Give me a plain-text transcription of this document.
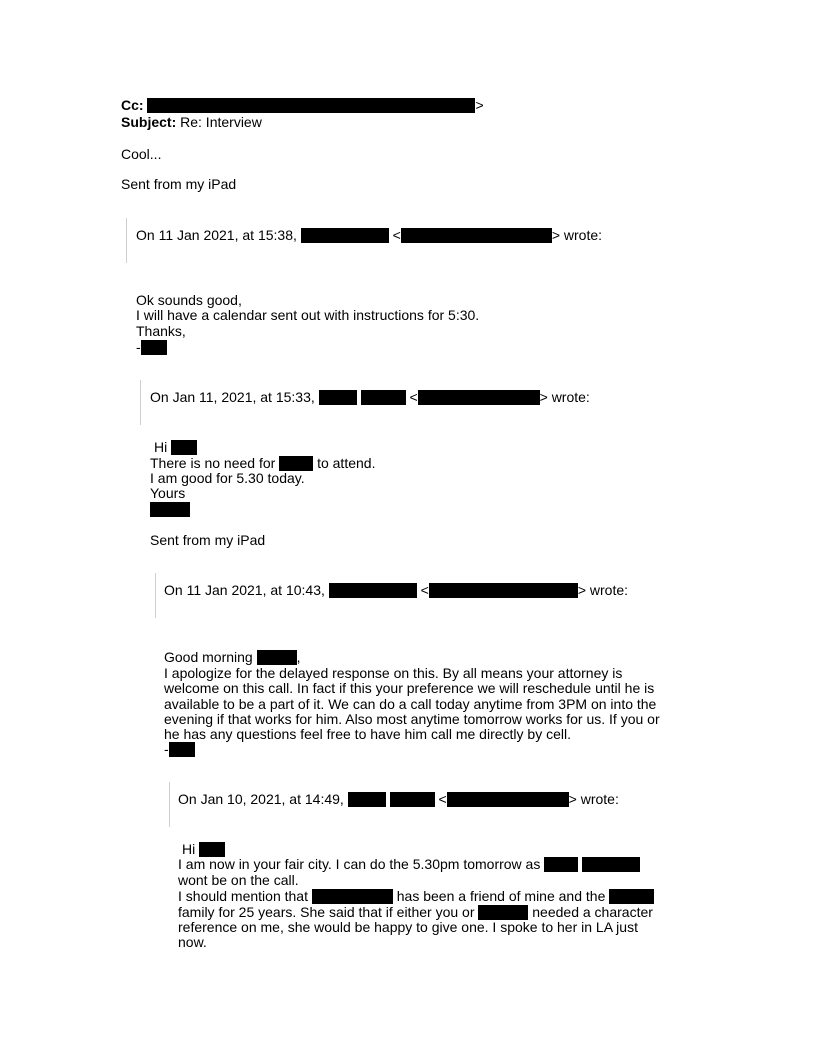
Cc:	>
Subject: Re: Interview
Cool...
Sent from my iPad
On 11 Jan 2021, at 15:38,	<	> wrote:
Ok sounds good,
I will have a calendar sent out with instructions for 5:30.
Thanks,
-
On Jan 11, 2021, at 15:33,	<	> wrote:
Hi
There is no need for	to attend.
I am good for 5.30 today.
Yours
Sent from my iPad
On 11 Jan 2021, at 10:43,	<	> wrote:
Good morning	,
I apologize for the delayed response on this. By all means your attorney is
welcome on this call. In fact if this your preference we will reschedule until he is
available to be a part of it. We can do a call today anytime from 3PM on into the
evening if that works for him. Also most anytime tomorrow works for us. If you or
he has any questions feel free to have him call me directly by cell.
-
On Jan 10, 2021, at 14:49,	<	> wrote:
Hi
I am now in your fair city. I can do the 5.30pm tomorrow as
wont be on the call.
I should mention that	has been a friend of mine and the
family for 25 years. She said that if either you or	needed a character
reference on me, she would be happy to give one. I spoke to her in LA just
now.
